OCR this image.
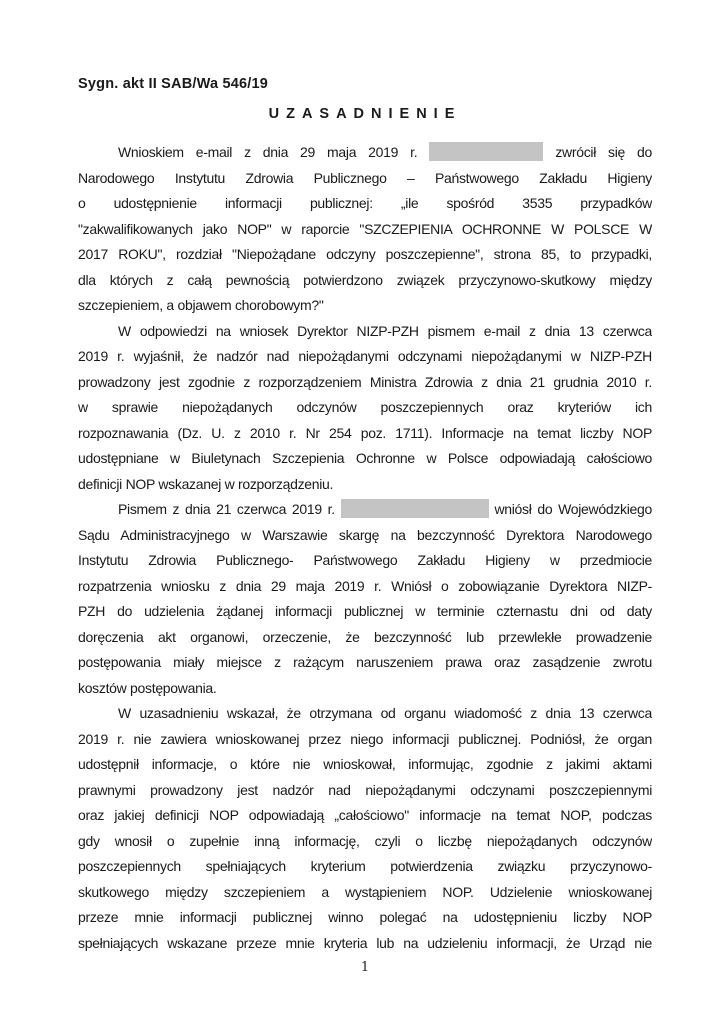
Sygn. akt II SAB/Wa 546/19
UZASADNIENIE
Wnioskiem e-mail z dnia 29 maja 2019 r.	zwrócił się do
Narodowego Instytutu Zdrowia Publicznego – Państwowego Zakładu Higieny
o udostępnienie informacji publicznej: „ile spośród 3535 przypadków
"zakwalifikowanych jako NOP" w raporcie "SZCZEPIENIA OCHRONNE W POLSCE W
2017 ROKU", rozdział "Niepożądane odczyny poszczepienne", strona 85, to przypadki,
dla których z całą pewnością potwierdzono związek przyczynowo-skutkowy między
szczepieniem, a objawem chorobowym?"
W odpowiedzi na wniosek Dyrektor NIZP-PZH pismem e-mail z dnia 13 czerwca
2019 r. wyjaśnił, że nadzór nad niepożądanymi odczynami niepożądanymi w NIZP-PZH
prowadzony jest zgodnie z rozporządzeniem Ministra Zdrowia z dnia 21 grudnia 2010 r.
w sprawie niepożądanych odczynów poszczepiennych oraz kryteriów ich
rozpoznawania (Dz. U. z 2010 r. Nr 254 poz. 1711). Informacje na temat liczby NOP
udostępniane w Biuletynach Szczepienia Ochronne w Polsce odpowiadają całościowo
definicji NOP wskazanej w rozporządzeniu.
Pismem z dnia 21 czerwca 2019 r.	wniósł do Wojewódzkiego
Sądu Administracyjnego w Warszawie skargę na bezczynność Dyrektora Narodowego
Instytutu Zdrowia Publicznego- Państwowego Zakładu Higieny w przedmiocie
rozpatrzenia wniosku z dnia 29 maja 2019 r. Wniósł o zobowiązanie Dyrektora NIZP-
PZH do udzielenia żądanej informacji publicznej w terminie czternastu dni od daty
doręczenia akt organowi, orzeczenie, że bezczynność lub przewlekłe prowadzenie
postępowania miały miejsce z rażącym naruszeniem prawa oraz zasądzenie zwrotu
kosztów postępowania.
W uzasadnieniu wskazał, że otrzymana od organu wiadomość z dnia 13 czerwca
2019 r. nie zawiera wnioskowanej przez niego informacji publicznej. Podniósł, że organ
udostępnił informacje, o które nie wnioskował, informując, zgodnie z jakimi aktami
prawnymi prowadzony jest nadzór nad niepożądanymi odczynami poszczepiennymi
oraz jakiej definicji NOP odpowiadają „całościowo" informacje na temat NOP, podczas
gdy wnosił o zupełnie inną informację, czyli o liczbę niepożądanych odczynów
poszczepiennych spełniających kryterium potwierdzenia związku przyczynowo-
skutkowego między szczepieniem a wystąpieniem NOP. Udzielenie wnioskowanej
przeze mnie informacji publicznej winno polegać na udostępnieniu liczby NOP
spełniających wskazane przeze mnie kryteria lub na udzieleniu informacji, że Urząd nie
1
